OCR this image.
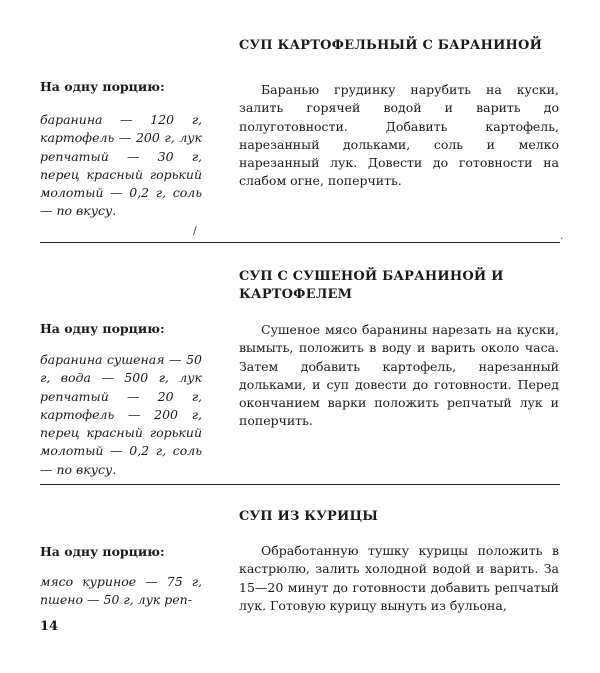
СУП КАРТОФЕЛЬНЫЙ С БАРАНИНОЙ
На одну порцию:
баранина — 120 г, картофель — 200 г, лук репчатый — 30 г, перец красный горький молотый — 0,2 г, соль — по вкусу.
Баранью грудинку нарубить на куски, залить горячей водой и варить до полуготовности. Добавить картофель, нарезанный дольками, соль и мелко нарезанный лук. Довести до готовности на слабом огне, поперчить.
/
·
СУП С СУШЕНОЙ БАРАНИНОЙ И КАРТОФЕЛЕМ
На одну порцию:
баранина сушеная — 50 г, вода — 500 г, лук репчатый — 20 г, картофель — 200 г, перец красный горький молотый — 0,2 г, соль — по вкусу.
Сушеное мясо баранины нарезать на куски, вымыть, положить в воду и варить около часа. Затем добавить картофель, нарезанный дольками, и суп довести до готовности. Перед окончанием варки положить репчатый лук и поперчить.
СУП ИЗ КУРИЦЫ
На одну порцию:
мясо куриное — 75 г, пшено — 50 г, лук реп-
Обработанную тушку курицы положить в кастрюлю, залить холодной водой и варить. За 15—20 минут до готовности добавить репчатый лук. Готовую курицу вынуть из бульона,
14
